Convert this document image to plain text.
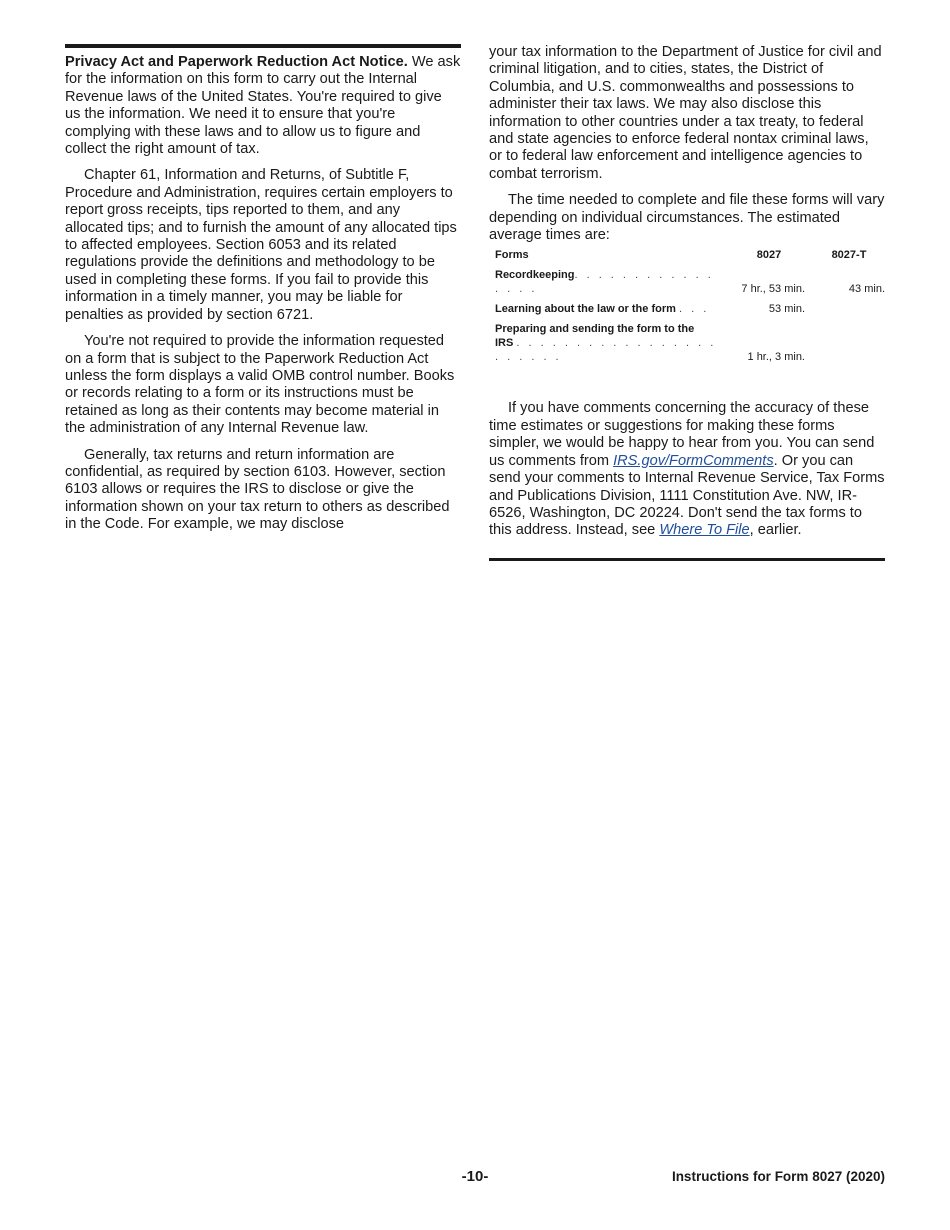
Privacy Act and Paperwork Reduction Act Notice. We ask for the information on this form to carry out the Internal Revenue laws of the United States. You're required to give us the information. We need it to ensure that you're complying with these laws and to allow us to figure and collect the right amount of tax.

Chapter 61, Information and Returns, of Subtitle F, Procedure and Administration, requires certain employers to report gross receipts, tips reported to them, and any allocated tips; and to furnish the amount of any allocated tips to affected employees. Section 6053 and its related regulations provide the definitions and methodology to be used in completing these forms. If you fail to provide this information in a timely manner, you may be liable for penalties as provided by section 6721.

You're not required to provide the information requested on a form that is subject to the Paperwork Reduction Act unless the form displays a valid OMB control number. Books or records relating to a form or its instructions must be retained as long as their contents may become material in the administration of any Internal Revenue law.

Generally, tax returns and return information are confidential, as required by section 6103. However, section 6103 allows or requires the IRS to disclose or give the information shown on your tax return to others as described in the Code. For example, we may disclose

your tax information to the Department of Justice for civil and criminal litigation, and to cities, states, the District of Columbia, and U.S. commonwealths and possessions to administer their tax laws. We may also disclose this information to other countries under a tax treaty, to federal and state agencies to enforce federal nontax criminal laws, or to federal law enforcement and intelligence agencies to combat terrorism.

The time needed to complete and file these forms will vary depending on individual circumstances. The estimated average times are:

Forms	8027	8027-T
Recordkeeping. . . . . . . . . . . . . . . .	7 hr., 53 min.	43 min.
Learning about the law or the form . . .	53 min.	
Preparing and sending the form to the
IRS . . . . . . . . . . . . . . . . . . . . . . .	1 hr., 3 min.	

If you have comments concerning the accuracy of these time estimates or suggestions for making these forms simpler, we would be happy to hear from you. You can send us comments from IRS.gov/FormComments. Or you can send your comments to Internal Revenue Service, Tax Forms and Publications Division, 1111 Constitution Ave. NW, IR-6526, Washington, DC 20224. Don't send the tax forms to this address. Instead, see Where To File, earlier.

-10-	Instructions for Form 8027 (2020)
